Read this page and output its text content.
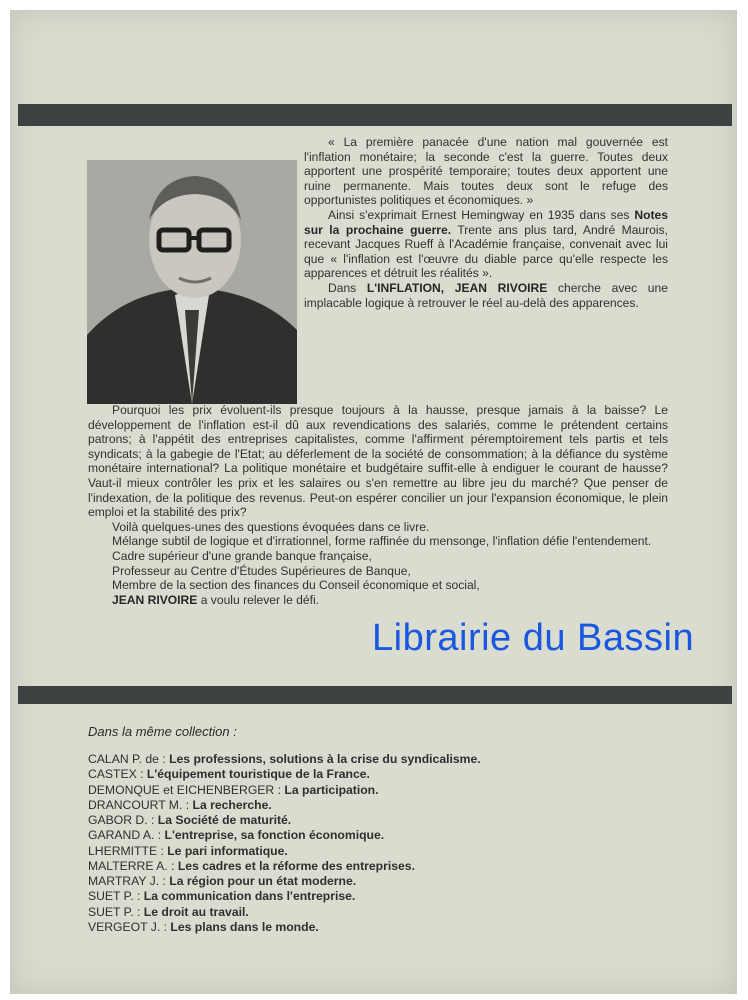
« La première panacée d'une nation mal gouvernée est l'inflation monétaire; la seconde c'est la guerre. Toutes deux apportent une prospérité temporaire; toutes deux apportent une ruine permanente. Mais toutes deux sont le refuge des opportunistes politiques et économiques. »

Ainsi s'exprimait Ernest Hemingway en 1935 dans ses Notes sur la prochaine guerre. Trente ans plus tard, André Maurois, recevant Jacques Rueff à l'Académie française, convenait avec lui que « l'inflation est l'œuvre du diable parce qu'elle respecte les apparences et détruit les réalités ».

Dans L'INFLATION, JEAN RIVOIRE cherche avec une implacable logique à retrouver le réel au-delà des apparences.

Pourquoi les prix évoluent-ils presque toujours à la hausse, presque jamais à la baisse? Le développement de l'inflation est-il dû aux revendications des salariés, comme le prétendent certains patrons; à l'appétit des entreprises capitalistes, comme l'affirment péremptoirement tels partis et tels syndicats; à la gabegie de l'Etat; au déferlement de la société de consommation; à la défiance du système monétaire international? La politique monétaire et budgétaire suffit-elle à endiguer le courant de hausse? Vaut-il mieux contrôler les prix et les salaires ou s'en remettre au libre jeu du marché? Que penser de l'indexation, de la politique des revenus. Peut-on espérer concilier un jour l'expansion économique, le plein emploi et la stabilité des prix?

Voilà quelques-unes des questions évoquées dans ce livre.

Mélange subtil de logique et d'irrationnel, forme raffinée du mensonge, l'inflation défie l'entendement.

Cadre supérieur d'une grande banque française,

Professeur au Centre d'Études Supérieures de Banque,

Membre de la section des finances du Conseil économique et social,

JEAN RIVOIRE a voulu relever le défi.

Librairie du Bassin
Dans la même collection :
CALAN P. de : Les professions, solutions à la crise du syndicalisme.
CASTEX : L'équipement touristique de la France.
DEMONQUE et EICHENBERGER : La participation.
DRANCOURT M. : La recherche.
GABOR D. : La Société de maturité.
GARAND A. : L'entreprise, sa fonction économique.
LHERMITTE : Le pari informatique.
MALTERRE A. : Les cadres et la réforme des entreprises.
MARTRAY J. : La région pour un état moderne.
SUET P. : La communication dans l'entreprise.
SUET P. : Le droit au travail.
VERGEOT J. : Les plans dans le monde.
